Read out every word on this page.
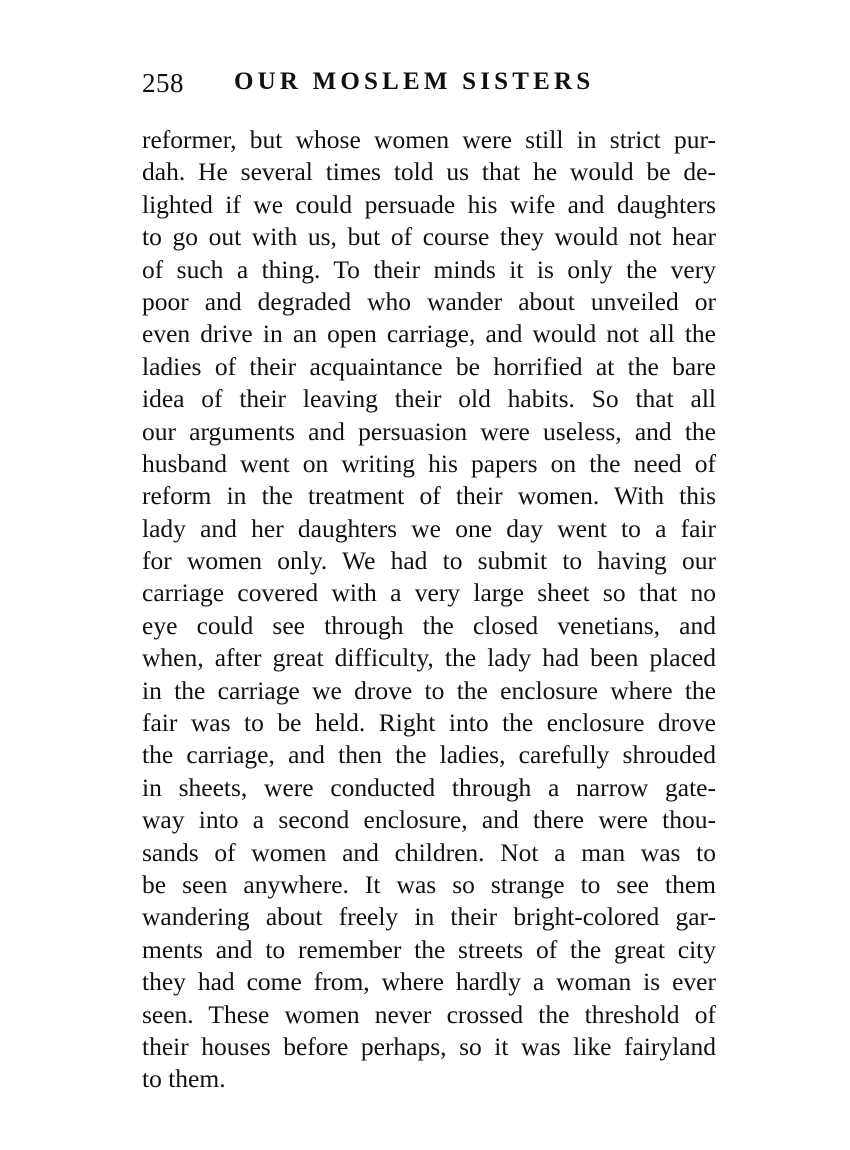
258 OUR MOSLEM SISTERS
reformer, but whose women were still in strict pur-
dah. He several times told us that he would be de-
lighted if we could persuade his wife and daughters
to go out with us, but of course they would not hear
of such a thing. To their minds it is only the very
poor and degraded who wander about unveiled or
even drive in an open carriage, and would not all the
ladies of their acquaintance be horrified at the bare
idea of their leaving their old habits. So that all
our arguments and persuasion were useless, and the
husband went on writing his papers on the need of
reform in the treatment of their women. With this
lady and her daughters we one day went to a fair
for women only. We had to submit to having our
carriage covered with a very large sheet so that no
eye could see through the closed venetians, and
when, after great difficulty, the lady had been placed
in the carriage we drove to the enclosure where the
fair was to be held. Right into the enclosure drove
the carriage, and then the ladies, carefully shrouded
in sheets, were conducted through a narrow gate-
way into a second enclosure, and there were thou-
sands of women and children. Not a man was to
be seen anywhere. It was so strange to see them
wandering about freely in their bright-colored gar-
ments and to remember the streets of the great city
they had come from, where hardly a woman is ever
seen. These women never crossed the threshold of
their houses before perhaps, so it was like fairyland
to them.
